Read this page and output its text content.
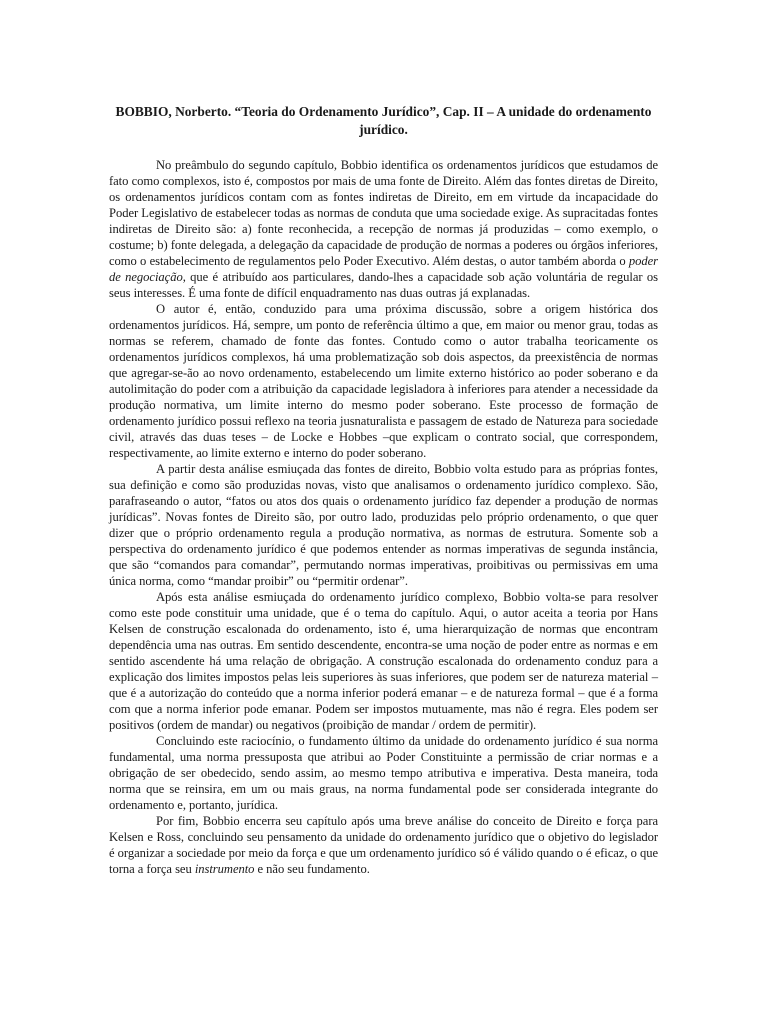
BOBBIO, Norberto. “Teoria do Ordenamento Jurídico”, Cap. II – A unidade do ordenamento jurídico.

No preâmbulo do segundo capítulo, Bobbio identifica os ordenamentos jurídicos que estudamos de fato como complexos, isto é, compostos por mais de uma fonte de Direito. Além das fontes diretas de Direito, os ordenamentos jurídicos contam com as fontes indiretas de Direito, em em virtude da incapacidade do Poder Legislativo de estabelecer todas as normas de conduta que uma sociedade exige. As supracitadas fontes indiretas de Direito são: a) fonte reconhecida, a recepção de normas já produzidas – como exemplo, o costume; b) fonte delegada, a delegação da capacidade de produção de normas a poderes ou órgãos inferiores, como o estabelecimento de regulamentos pelo Poder Executivo. Além destas, o autor também aborda o poder de negociação, que é atribuído aos particulares, dando-lhes a capacidade sob ação voluntária de regular os seus interesses. É uma fonte de difícil enquadramento nas duas outras já explanadas.

O autor é, então, conduzido para uma próxima discussão, sobre a origem histórica dos ordenamentos jurídicos. Há, sempre, um ponto de referência último a que, em maior ou menor grau, todas as normas se referem, chamado de fonte das fontes. Contudo como o autor trabalha teoricamente os ordenamentos jurídicos complexos, há uma problematização sob dois aspectos, da preexistência de normas que agregar-se-ão ao novo ordenamento, estabelecendo um limite externo histórico ao poder soberano e da autolimitação do poder com a atribuição da capacidade legisladora à inferiores para atender a necessidade da produção normativa, um limite interno do mesmo poder soberano. Este processo de formação de ordenamento jurídico possui reflexo na teoria jusnaturalista e passagem de estado de Natureza para sociedade civil, através das duas teses – de Locke e Hobbes –que explicam o contrato social, que correspondem, respectivamente, ao limite externo e interno do poder soberano.

A partir desta análise esmiuçada das fontes de direito, Bobbio volta estudo para as próprias fontes, sua definição e como são produzidas novas, visto que analisamos o ordenamento jurídico complexo. São, parafraseando o autor, “fatos ou atos dos quais o ordenamento jurídico faz depender a produção de normas jurídicas”. Novas fontes de Direito são, por outro lado, produzidas pelo próprio ordenamento, o que quer dizer que o próprio ordenamento regula a produção normativa, as normas de estrutura. Somente sob a perspectiva do ordenamento jurídico é que podemos entender as normas imperativas de segunda instância, que são “comandos para comandar”, permutando normas imperativas, proibitivas ou permissivas em uma única norma, como “mandar proibir” ou “permitir ordenar”.

Após esta análise esmiuçada do ordenamento jurídico complexo, Bobbio volta-se para resolver como este pode constituir uma unidade, que é o tema do capítulo. Aqui, o autor aceita a teoria por Hans Kelsen de construção escalonada do ordenamento, isto é, uma hierarquização de normas que encontram dependência uma nas outras. Em sentido descendente, encontra-se uma noção de poder entre as normas e em sentido ascendente há uma relação de obrigação. A construção escalonada do ordenamento conduz para a explicação dos limites impostos pelas leis superiores às suas inferiores, que podem ser de natureza material – que é a autorização do conteúdo que a norma inferior poderá emanar – e de natureza formal – que é a forma com que a norma inferior pode emanar. Podem ser impostos mutuamente, mas não é regra. Eles podem ser positivos (ordem de mandar) ou negativos (proibição de mandar / ordem de permitir).

Concluindo este raciocínio, o fundamento último da unidade do ordenamento jurídico é sua norma fundamental, uma norma pressuposta que atribui ao Poder Constituinte a permissão de criar normas e a obrigação de ser obedecido, sendo assim, ao mesmo tempo atributiva e imperativa. Desta maneira, toda norma que se reinsira, em um ou mais graus, na norma fundamental pode ser considerada integrante do ordenamento e, portanto, jurídica.

Por fim, Bobbio encerra seu capítulo após uma breve análise do conceito de Direito e força para Kelsen e Ross, concluindo seu pensamento da unidade do ordenamento jurídico que o objetivo do legislador é organizar a sociedade por meio da força e que um ordenamento jurídico só é válido quando o é eficaz, o que torna a força seu instrumento e não seu fundamento.
